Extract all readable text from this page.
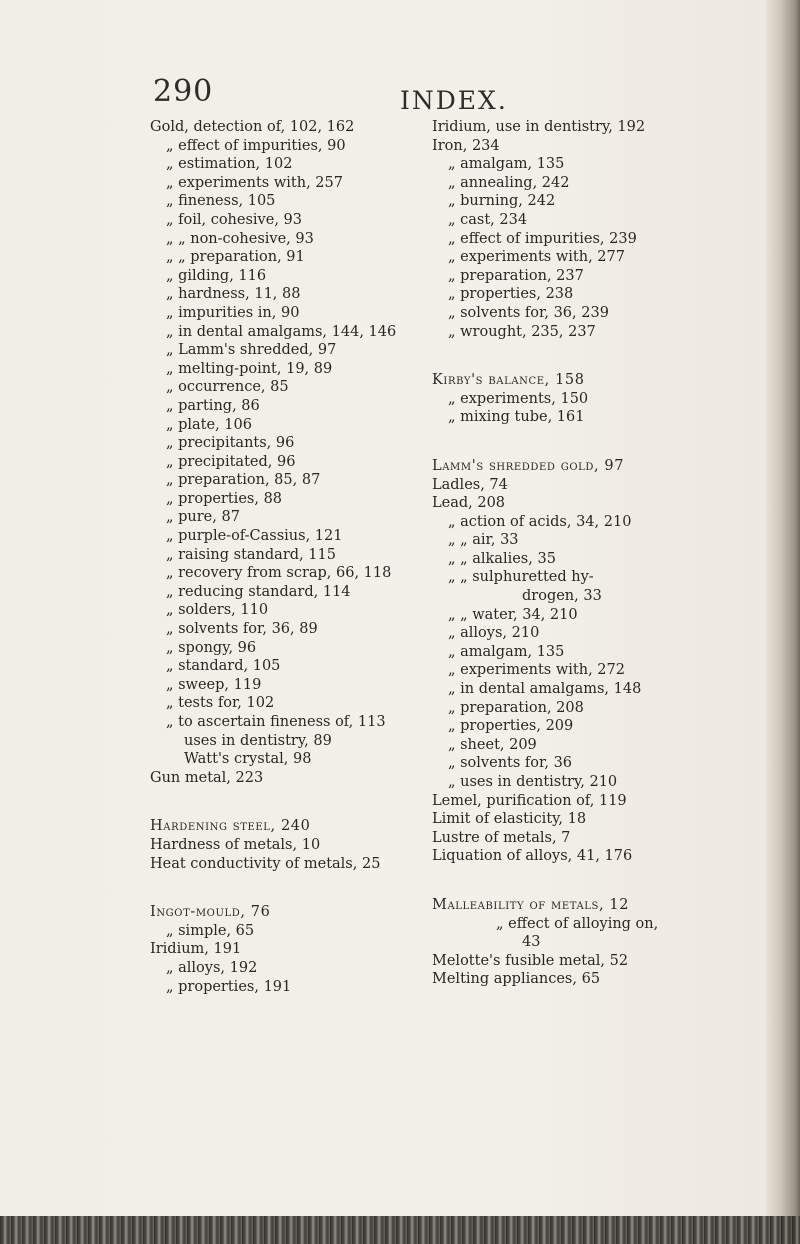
290	INDEX.
Gold, detection of, 102, 162
„ effect of impurities, 90
„ estimation, 102
„ experiments with, 257
„ fineness, 105
„ foil, cohesive, 93
„ „ non-cohesive, 93
„ „ preparation, 91
„ gilding, 116
„ hardness, 11, 88
„ impurities in, 90
„ in dental amalgams, 144, 146
„ Lamm's shredded, 97
„ melting-point, 19, 89
„ occurrence, 85
„ parting, 86
„ plate, 106
„ precipitants, 96
„ precipitated, 96
„ preparation, 85, 87
„ properties, 88
„ pure, 87
„ purple-of-Cassius, 121
„ raising standard, 115
„ recovery from scrap, 66, 118
„ reducing standard, 114
„ solders, 110
„ solvents for, 36, 89
„ spongy, 96
„ standard, 105
„ sweep, 119
„ tests for, 102
„ to ascertain fineness of, 113
uses in dentistry, 89
Watt's crystal, 98
Gun metal, 223
Hardening steel, 240
Hardness of metals, 10
Heat conductivity of metals, 25
Ingot-mould, 76
„ simple, 65
Iridium, 191
„ alloys, 192
„ properties, 191
Iridium, use in dentistry, 192
Iron, 234
„ amalgam, 135
„ annealing, 242
„ burning, 242
„ cast, 234
„ effect of impurities, 239
„ experiments with, 277
„ preparation, 237
„ properties, 238
„ solvents for, 36, 239
„ wrought, 235, 237
Kirby's balance, 158
„ experiments, 150
„ mixing tube, 161
Lamm's shredded gold, 97
Ladles, 74
Lead, 208
„ action of acids, 34, 210
„ „ air, 33
„ „ alkalies, 35
„ „ sulphuretted hy-
drogen, 33
„ „ water, 34, 210
„ alloys, 210
„ amalgam, 135
„ experiments with, 272
„ in dental amalgams, 148
„ preparation, 208
„ properties, 209
„ sheet, 209
„ solvents for, 36
„ uses in dentistry, 210
Lemel, purification of, 119
Limit of elasticity, 18
Lustre of metals, 7
Liquation of alloys, 41, 176
Malleability of metals, 12
„ effect of alloying on,
43
Melotte's fusible metal, 52
Melting appliances, 65
